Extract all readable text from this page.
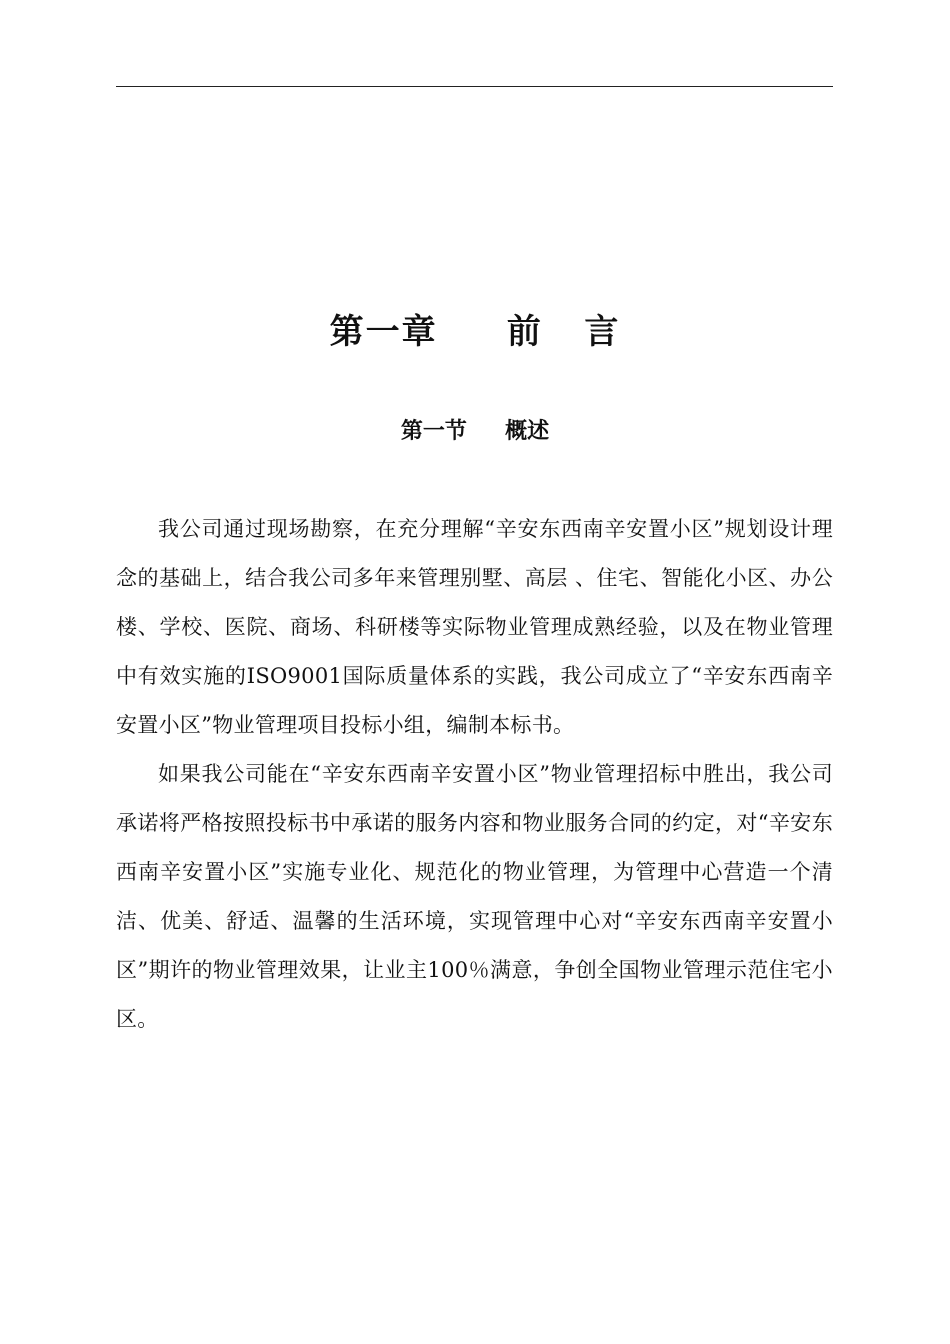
第一章     前   言
第一节     概述

我公司通过现场勘察，在充分理解“辛安东西南辛安置小区”规划设计理念的基础上，结合我公司多年来管理别墅、高层 、住宅、智能化小区、办公楼、学校、医院、商场、科研楼等实际物业管理成熟经验，以及在物业管理中有效实施的ISO9001国际质量体系的实践，我公司成立了“辛安东西南辛安置小区”物业管理项目投标小组，编制本标书。

如果我公司能在“辛安东西南辛安置小区”物业管理招标中胜出，我公司承诺将严格按照投标书中承诺的服务内容和物业服务合同的约定，对“辛安东西南辛安置小区”实施专业化、规范化的物业管理，为管理中心营造一个清洁、优美、舒适、温馨的生活环境，实现管理中心对“辛安东西南辛安置小区”期许的物业管理效果，让业主100％满意，争创全国物业管理示范住宅小区。
